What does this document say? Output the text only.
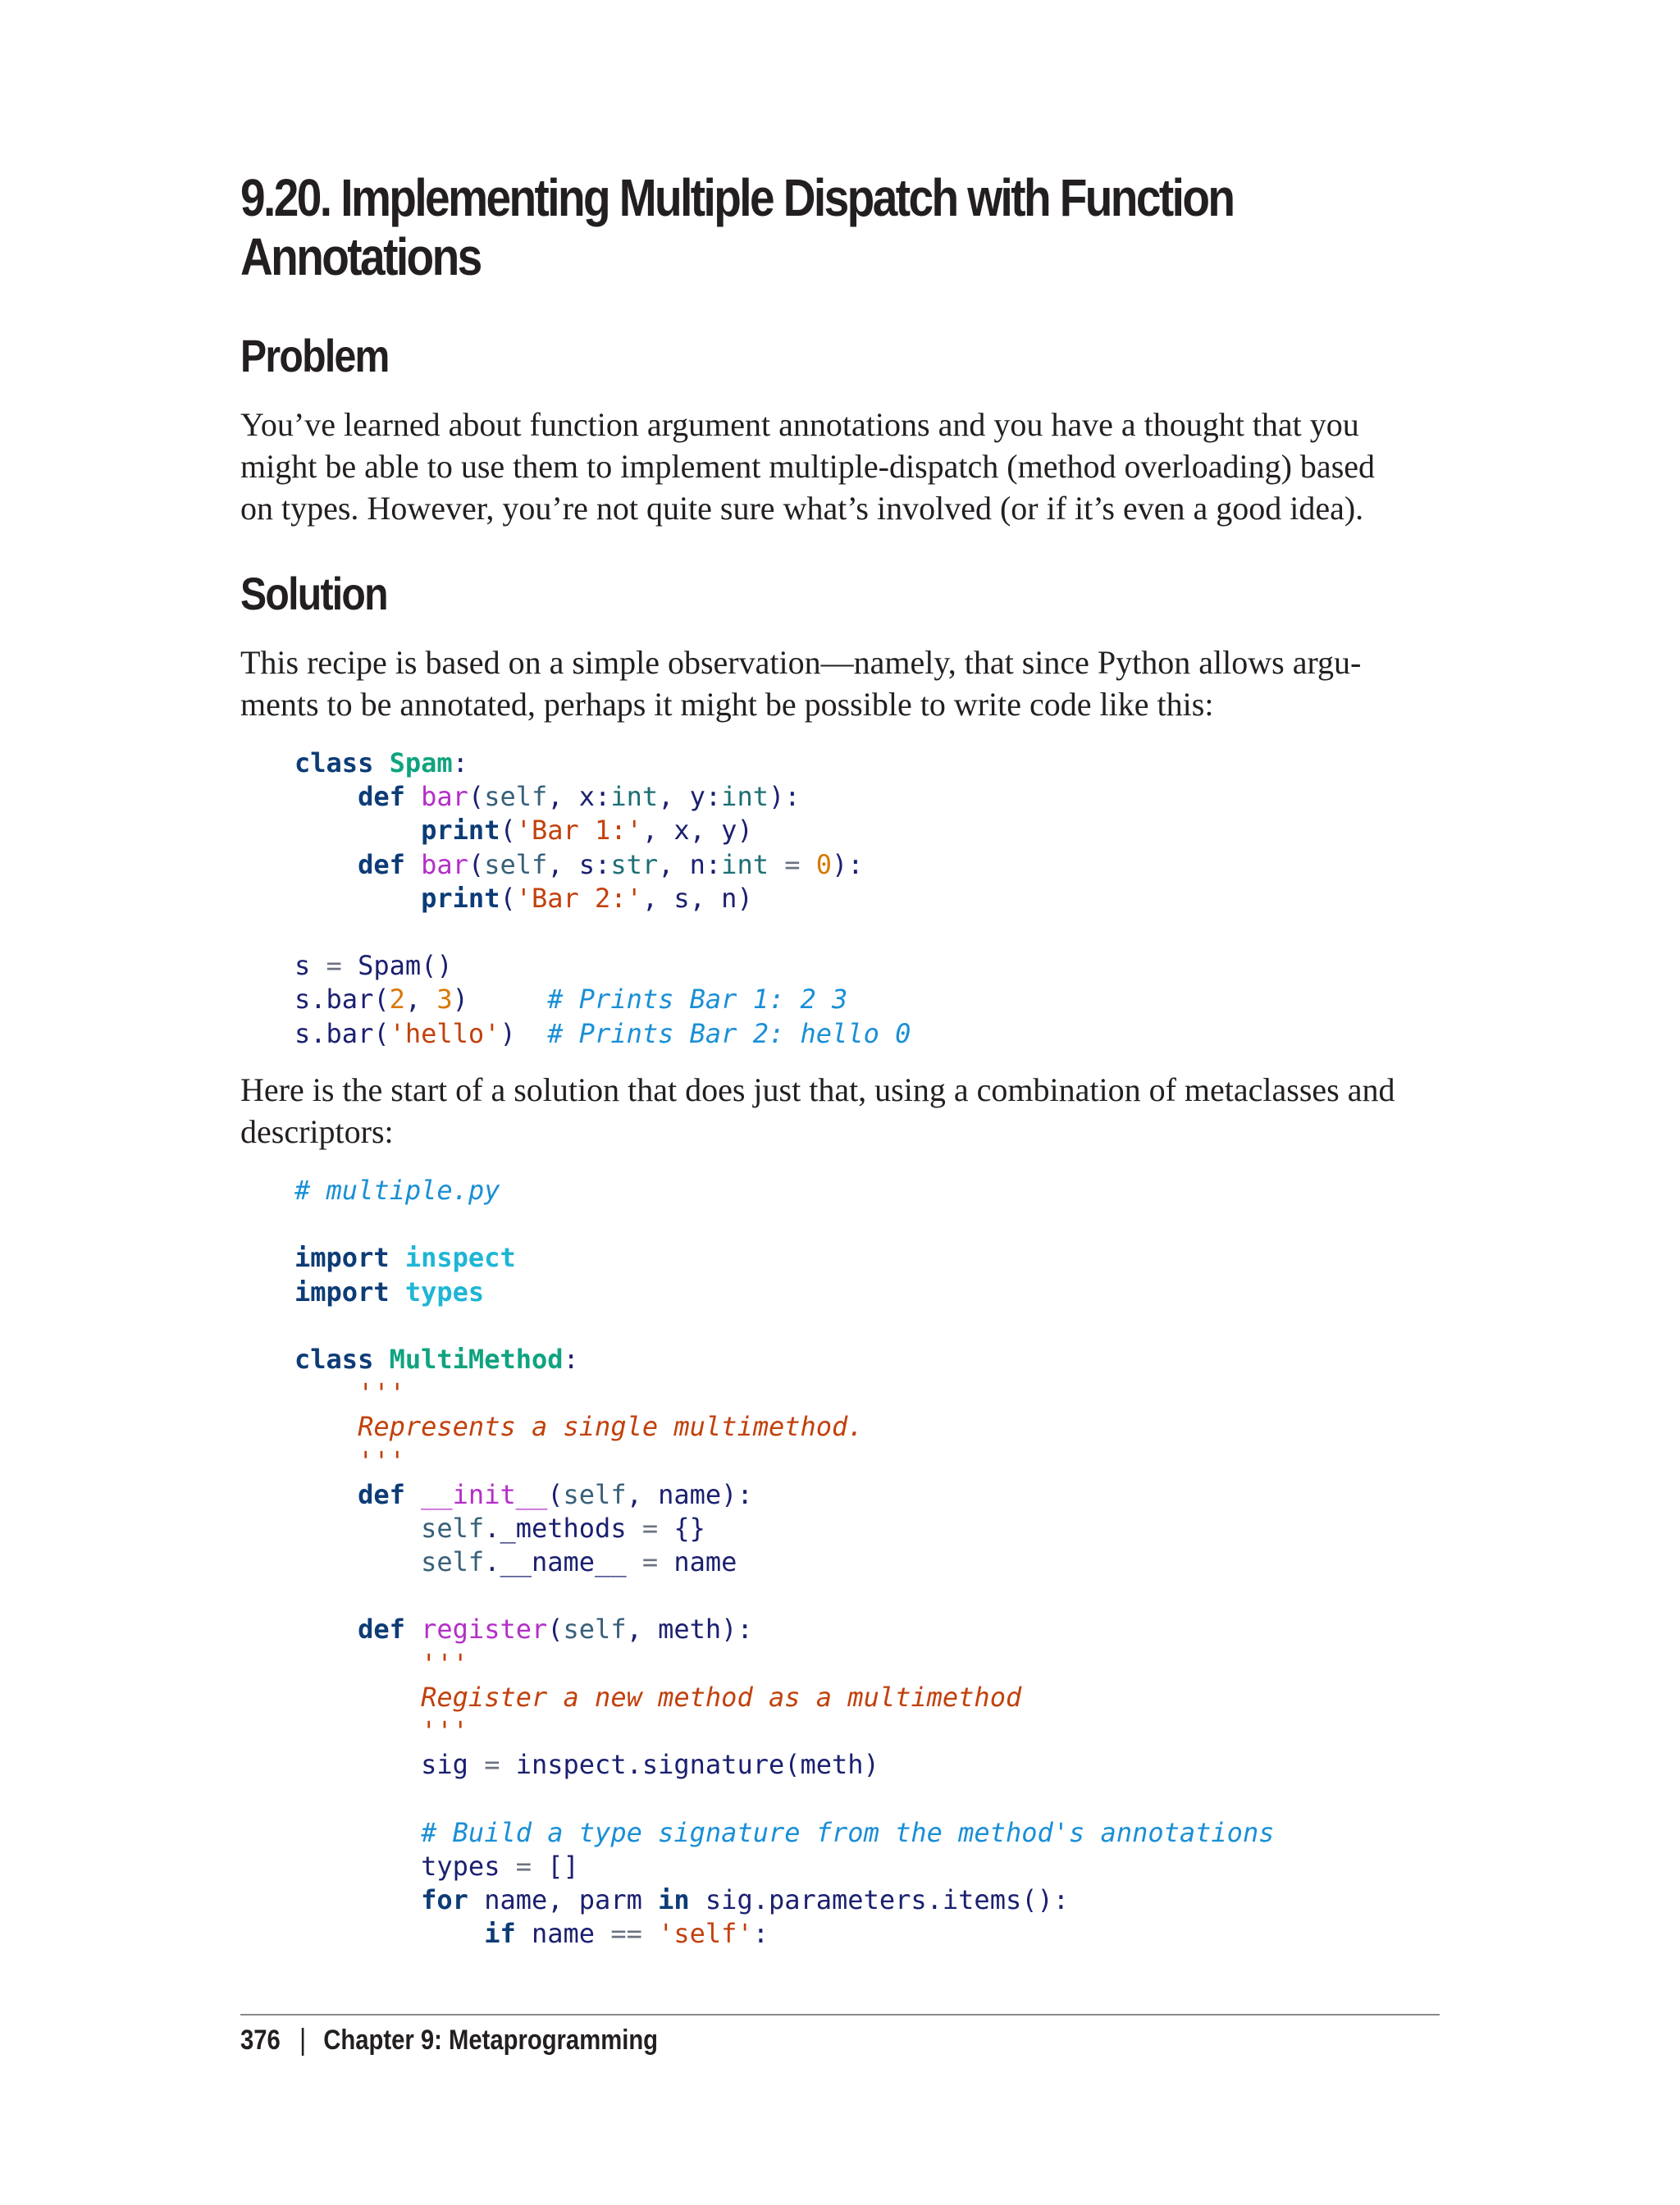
9.20. Implementing Multiple Dispatch with Function
Annotations
Problem

You’ve learned about function argument annotations and you have a thought that you
might be able to use them to implement multiple-dispatch (method overloading) based
on types. However, you’re not quite sure what’s involved (or if it’s even a good idea).

Solution

This recipe is based on a simple observation—namely, that since Python allows argu-
ments to be annotated, perhaps it might be possible to write code like this:

class Spam:
def bar(self, x:int, y:int):
print('Bar 1:', x, y)
def bar(self, s:str, n:int = 0):
print('Bar 2:', s, n)

s = Spam()
s.bar(2, 3)	# Prints Bar 1: 2 3
s.bar('hello') # Prints Bar 2: hello 0

Here is the start of a solution that does just that, using a combination of metaclasses and
descriptors:

# multiple.py

import inspect
import types

class MultiMethod:
'''
Represents a single multimethod.
'''
def __init__(self, name):
self._methods = {}
self.__name__ = name

def register(self, meth):
'''
Register a new method as a multimethod
'''
sig = inspect.signature(meth)

# Build a type signature from the method's annotations
types = []
for name, parm in sig.parameters.items():
if name == 'self':
376 Chapter 9: Metaprogramming
